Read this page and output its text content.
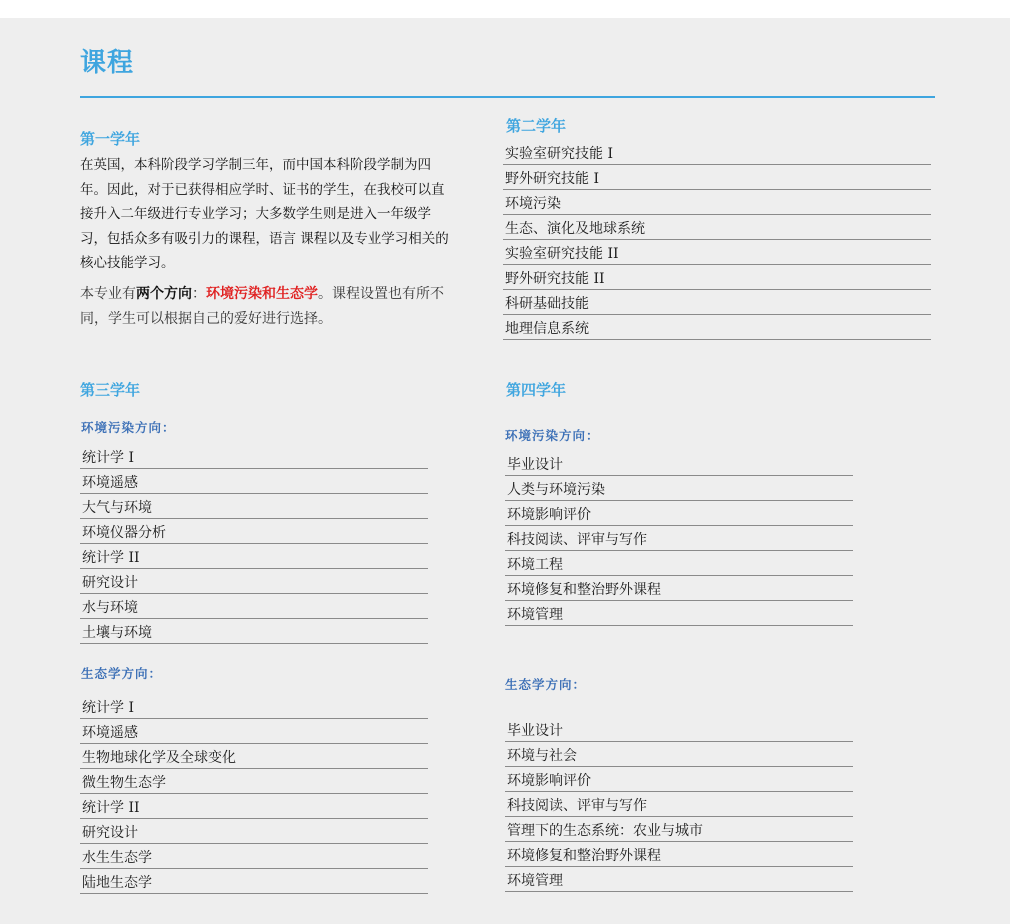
课程
第一学年
在英国，本科阶段学习学制三年，而中国本科阶段学制为四年。因此，对于已获得相应学时、证书的学生，在我校可以直接升入二年级进行专业学习；大多数学生则是进入一年级学习，包括众多有吸引力的课程，语言 课程以及专业学习相关的核心技能学习。
本专业有两个方向：环境污染和生态学。课程设置也有所不同，学生可以根据自己的爱好进行选择。
第二学年
实验室研究技能 I
野外研究技能 I
环境污染
生态、演化及地球系统
实验室研究技能 II
野外研究技能 II
科研基础技能
地理信息系统
第三学年
环境污染方向：
统计学 I
环境遥感
大气与环境
环境仪器分析
统计学 II
研究设计
水与环境
土壤与环境
生态学方向：
统计学 I
环境遥感
生物地球化学及全球变化
微生物生态学
统计学 II
研究设计
水生生态学
陆地生态学
第四学年
环境污染方向：
毕业设计
人类与环境污染
环境影响评价
科技阅读、评审与写作
环境工程
环境修复和整治野外课程
环境管理
生态学方向：
毕业设计
环境与社会
环境影响评价
科技阅读、评审与写作
管理下的生态系统：农业与城市
环境修复和整治野外课程
环境管理
